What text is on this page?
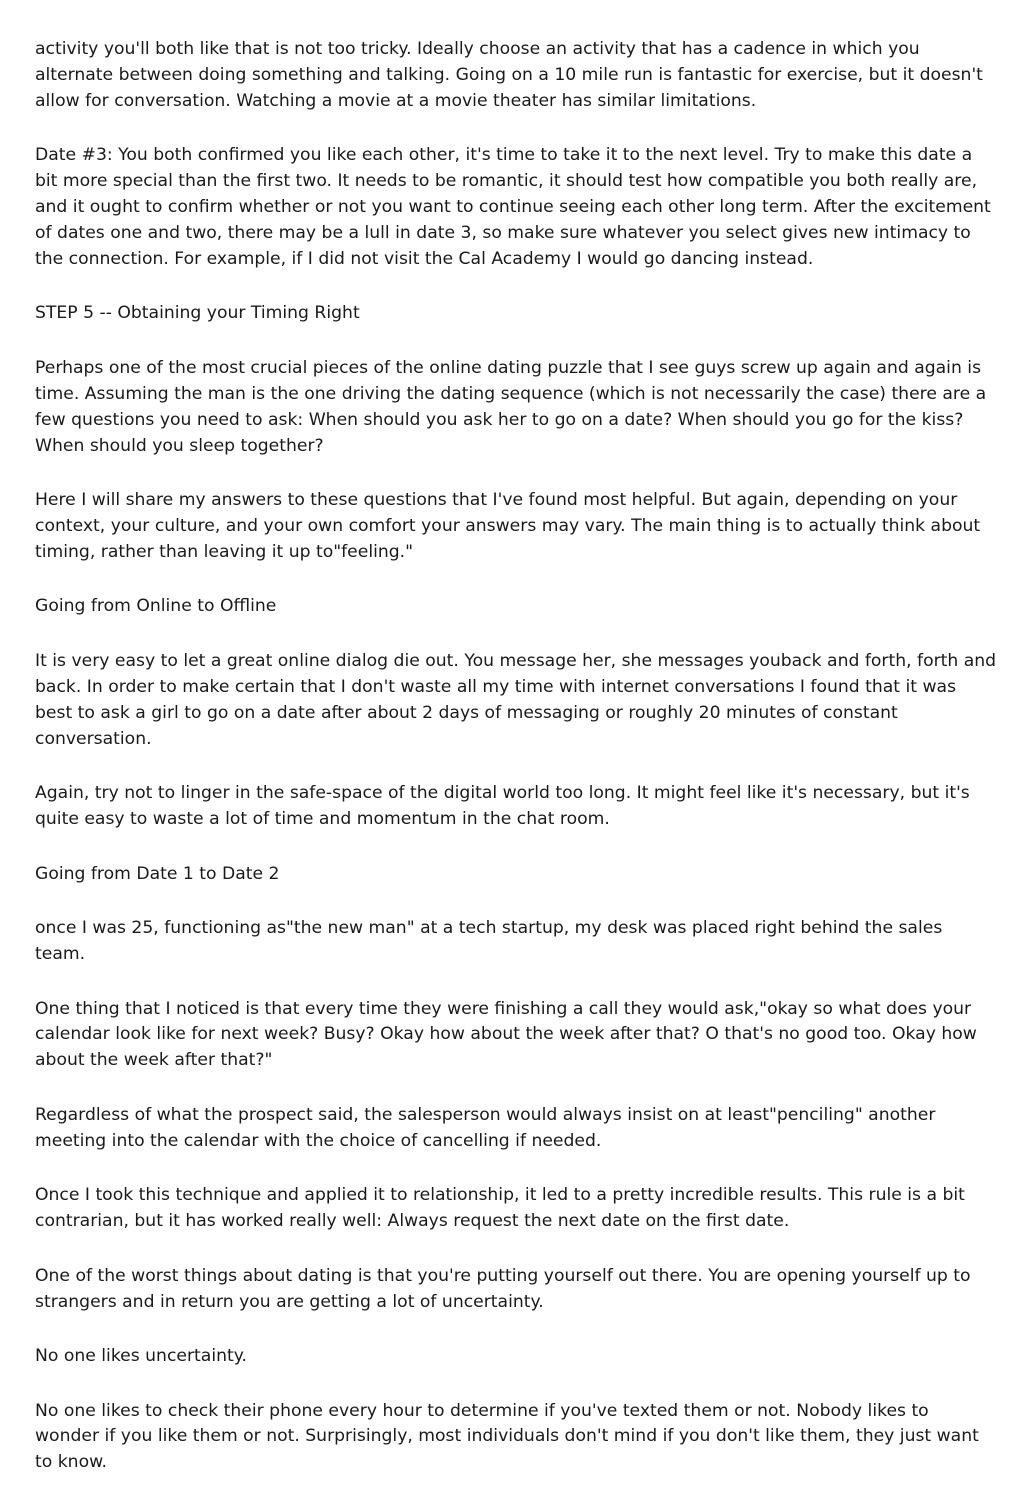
activity you'll both like that is not too tricky. Ideally choose an activity that has a cadence in which you alternate between doing something and talking. Going on a 10 mile run is fantastic for exercise, but it doesn't allow for conversation. Watching a movie at a movie theater has similar limitations.

Date #3: You both confirmed you like each other, it's time to take it to the next level. Try to make this date a bit more special than the first two. It needs to be romantic, it should test how compatible you both really are, and it ought to confirm whether or not you want to continue seeing each other long term. After the excitement of dates one and two, there may be a lull in date 3, so make sure whatever you select gives new intimacy to the connection. For example, if I did not visit the Cal Academy I would go dancing instead.

STEP 5 -- Obtaining your Timing Right

Perhaps one of the most crucial pieces of the online dating puzzle that I see guys screw up again and again is time. Assuming the man is the one driving the dating sequence (which is not necessarily the case) there are a few questions you need to ask: When should you ask her to go on a date? When should you go for the kiss? When should you sleep together?

Here I will share my answers to these questions that I've found most helpful. But again, depending on your context, your culture, and your own comfort your answers may vary. The main thing is to actually think about timing, rather than leaving it up to"feeling."

Going from Online to Offline

It is very easy to let a great online dialog die out. You message her, she messages youback and forth, forth and back. In order to make certain that I don't waste all my time with internet conversations I found that it was best to ask a girl to go on a date after about 2 days of messaging or roughly 20 minutes of constant conversation.

Again, try not to linger in the safe-space of the digital world too long. It might feel like it's necessary, but it's quite easy to waste a lot of time and momentum in the chat room.

Going from Date 1 to Date 2

once I was 25, functioning as"the new man" at a tech startup, my desk was placed right behind the sales team.

One thing that I noticed is that every time they were finishing a call they would ask,"okay so what does your calendar look like for next week? Busy? Okay how about the week after that? O that's no good too. Okay how about the week after that?"

Regardless of what the prospect said, the salesperson would always insist on at least"penciling" another meeting into the calendar with the choice of cancelling if needed.

Once I took this technique and applied it to relationship, it led to a pretty incredible results. This rule is a bit contrarian, but it has worked really well: Always request the next date on the first date.

One of the worst things about dating is that you're putting yourself out there. You are opening yourself up to strangers and in return you are getting a lot of uncertainty.

No one likes uncertainty.

No one likes to check their phone every hour to determine if you've texted them or not. Nobody likes to wonder if you like them or not. Surprisingly, most individuals don't mind if you don't like them, they just want to know.
